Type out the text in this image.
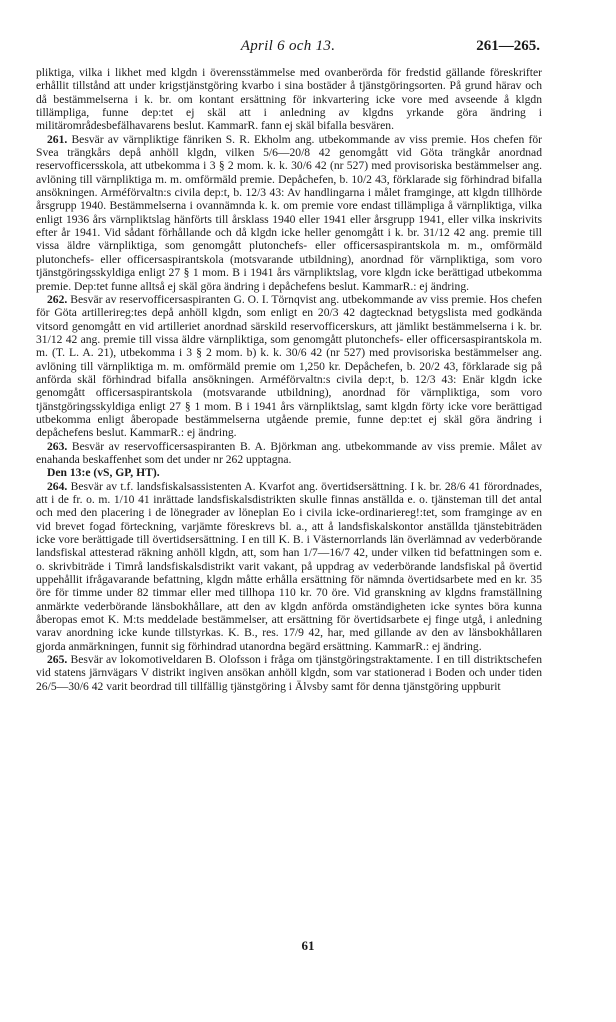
April 6 och 13.	261—265.

pliktiga, vilka i likhet med klgdn i överensstämmelse med ovanberörda för fredstid gällande föreskrifter erhållit tillstånd att under krigstjänstgöring kvarbo i sina bostäder å tjänstgöringsorten. På grund härav och då bestämmelserna i k. br. om kontant ersättning för inkvartering icke vore med avseende å klgdn tillämpliga, funne dep:tet ej skäl att i anledning av klgdns yrkande göra ändring i militärområdesbefälhavarens beslut. KammarR. fann ej skäl bifalla besvären.

261. Besvär av värnpliktige fänriken S. R. Ekholm ang. utbekommande av viss premie. Hos chefen för Svea trängkårs depå anhöll klgdn, vilken 5/6—20/8 42 genomgått vid Göta trängkår anordnad reservofficersskola, att utbekomma i 3 § 2 mom. k. k. 30/6 42 (nr 527) med provisoriska bestämmelser ang. avlöning till värnpliktiga m. m. omförmäld premie. Depåchefen, b. 10/2 43, förklarade sig förhindrad bifalla ansökningen. Arméförvaltn:s civila dep:t, b. 12/3 43: Av handlingarna i målet framginge, att klgdn tillhörde årsgrupp 1940. Bestämmelserna i ovannämnda k. k. om premie vore endast tillämpliga å värnpliktiga, vilka enligt 1936 års värnpliktslag hänförts till årsklass 1940 eller 1941 eller årsgrupp 1941, eller vilka inskrivits efter år 1941. Vid sådant förhållande och då klgdn icke heller genomgått i k. br. 31/12 42 ang. premie till vissa äldre värnpliktiga, som genomgått plutonchefs- eller officersaspirantskola m. m., omförmäld plutonchefs- eller officersaspirantskola (motsvarande utbildning), anordnad för värnpliktiga, som voro tjänstgöringsskyldiga enligt 27 § 1 mom. B i 1941 års värnpliktslag, vore klgdn icke berättigad utbekomma premie. Dep:tet funne alltså ej skäl göra ändring i depåchefens beslut. KammarR.: ej ändring.

262. Besvär av reservofficersaspiranten G. O. I. Törnqvist ang. utbekommande av viss premie. Hos chefen för Göta artillerireg:tes depå anhöll klgdn, som enligt en 20/3 42 dagtecknad betygslista med godkända vitsord genomgått en vid artilleriet anordnad särskild reservofficerskurs, att jämlikt bestämmelserna i k. br. 31/12 42 ang. premie till vissa äldre värnpliktiga, som genomgått plutonchefs- eller officersaspirantskola m. m. (T. L. A. 21), utbekomma i 3 § 2 mom. b) k. k. 30/6 42 (nr 527) med provisoriska bestämmelser ang. avlöning till värnpliktiga m. m. omförmäld premie om 1,250 kr. Depåchefen, b. 20/2 43, förklarade sig på anförda skäl förhindrad bifalla ansökningen. Arméförvaltn:s civila dep:t, b. 12/3 43: Enär klgdn icke genomgått officersaspirantskola (motsvarande utbildning), anordnad för värnpliktiga, som voro tjänstgöringsskyldiga enligt 27 § 1 mom. B i 1941 års värnpliktslag, samt klgdn förty icke vore berättigad utbekomma enligt åberopade bestämmelserna utgående premie, funne dep:tet ej skäl göra ändring i depåchefens beslut. KammarR.: ej ändring.

263. Besvär av reservofficersaspiranten B. A. Björkman ang. utbekommande av viss premie. Målet av enahanda beskaffenhet som det under nr 262 upptagna.

Den 13:e (vS, GP, HT).

264. Besvär av t.f. landsfiskalsassistenten A. Kvarfot ang. övertidsersättning. I k. br. 28/6 41 förordnades, att i de fr. o. m. 1/10 41 inrättade landsfiskalsdistrikten skulle finnas anställda e. o. tjänsteman till det antal och med den placering i de lönegrader av löneplan Eo i civila icke-ordinariereg!:tet, som framginge av en vid brevet fogad förteckning, varjämte föreskrevs bl. a., att å landsfiskalskontor anställda tjänstebiträden icke vore berättigade till övertidsersättning. I en till K. B. i Västernorrlands län överlämnad av vederbörande landsfiskal attesterad räkning anhöll klgdn, att, som han 1/7—16/7 42, under vilken tid befattningen som e. o. skrivbiträde i Timrå landsfiskalsdistrikt varit vakant, på uppdrag av vederbörande landsfiskal på övertid uppehållit ifrågavarande befattning, klgdn måtte erhålla ersättning för nämnda övertidsarbete med en kr. 35 öre för timme under 82 timmar eller med tillhopa 110 kr. 70 öre. Vid granskning av klgdns framställning anmärkte vederbörande länsbokhållare, att den av klgdn anförda omständigheten icke syntes böra kunna åberopas emot K. M:ts meddelade bestämmelser, att ersättning för övertidsarbete ej finge utgå, i anledning varav anordning icke kunde tillstyrkas. K. B., res. 17/9 42, har, med gillande av den av länsbokhållaren gjorda anmärkningen, funnit sig förhindrad utanordna begärd ersättning. KammarR.: ej ändring.

265. Besvär av lokomotiveldaren B. Olofsson i fråga om tjänstgöringstraktamente. I en till distriktschefen vid statens järnvägars V distrikt ingiven ansökan anhöll klgdn, som var stationerad i Boden och under tiden 26/5—30/6 42 varit beordrad till tillfällig tjänstgöring i Älvsby samt för denna tjänstgöring uppburit

61
